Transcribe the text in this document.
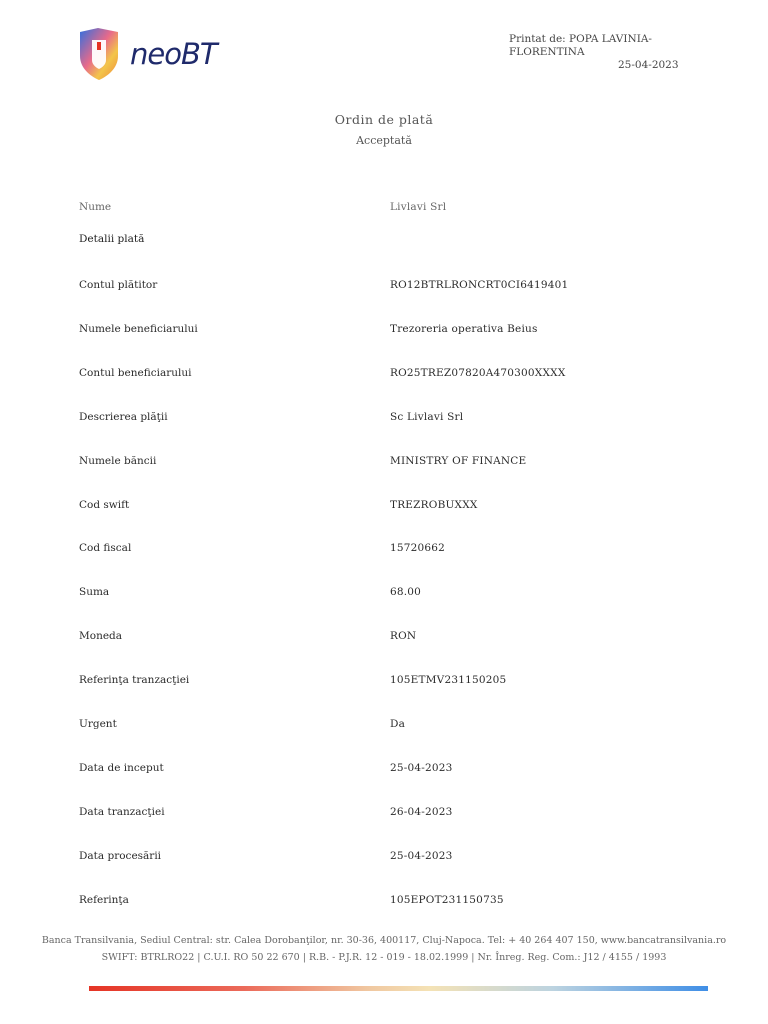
neoBT	Printat de: POPA LAVINIA-FLORENTINA
25-04-2023
Ordin de plată
Acceptată
Nume	Livlavi Srl
Detalii plată
Contul plătitor	RO12BTRLRONCRT0CI6419401
Numele beneficiarului	Trezoreria operativa Beius
Contul beneficiarului	RO25TREZ07820A470300XXXX
Descrierea plăţii	Sc Livlavi Srl
Numele băncii	MINISTRY OF FINANCE
Cod swift	TREZROBUXXX
Cod fiscal	15720662
Suma	68.00
Moneda	RON
Referinţa tranzacţiei	105ETMV231150205
Urgent	Da
Data de inceput	25-04-2023
Data tranzacţiei	26-04-2023
Data procesării	25-04-2023
Referinţa	105EPOT231150735
Banca Transilvania, Sediul Central: str. Calea Dorobanţilor, nr. 30-36, 400117, Cluj-Napoca. Tel: + 40 264 407 150, www.bancatransilvania.ro
SWIFT: BTRLRO22 | C.U.I. RO 50 22 670 | R.B. - P.J.R. 12 - 019 - 18.02.1999 | Nr. Înreg. Reg. Com.: J12 / 4155 / 1993
